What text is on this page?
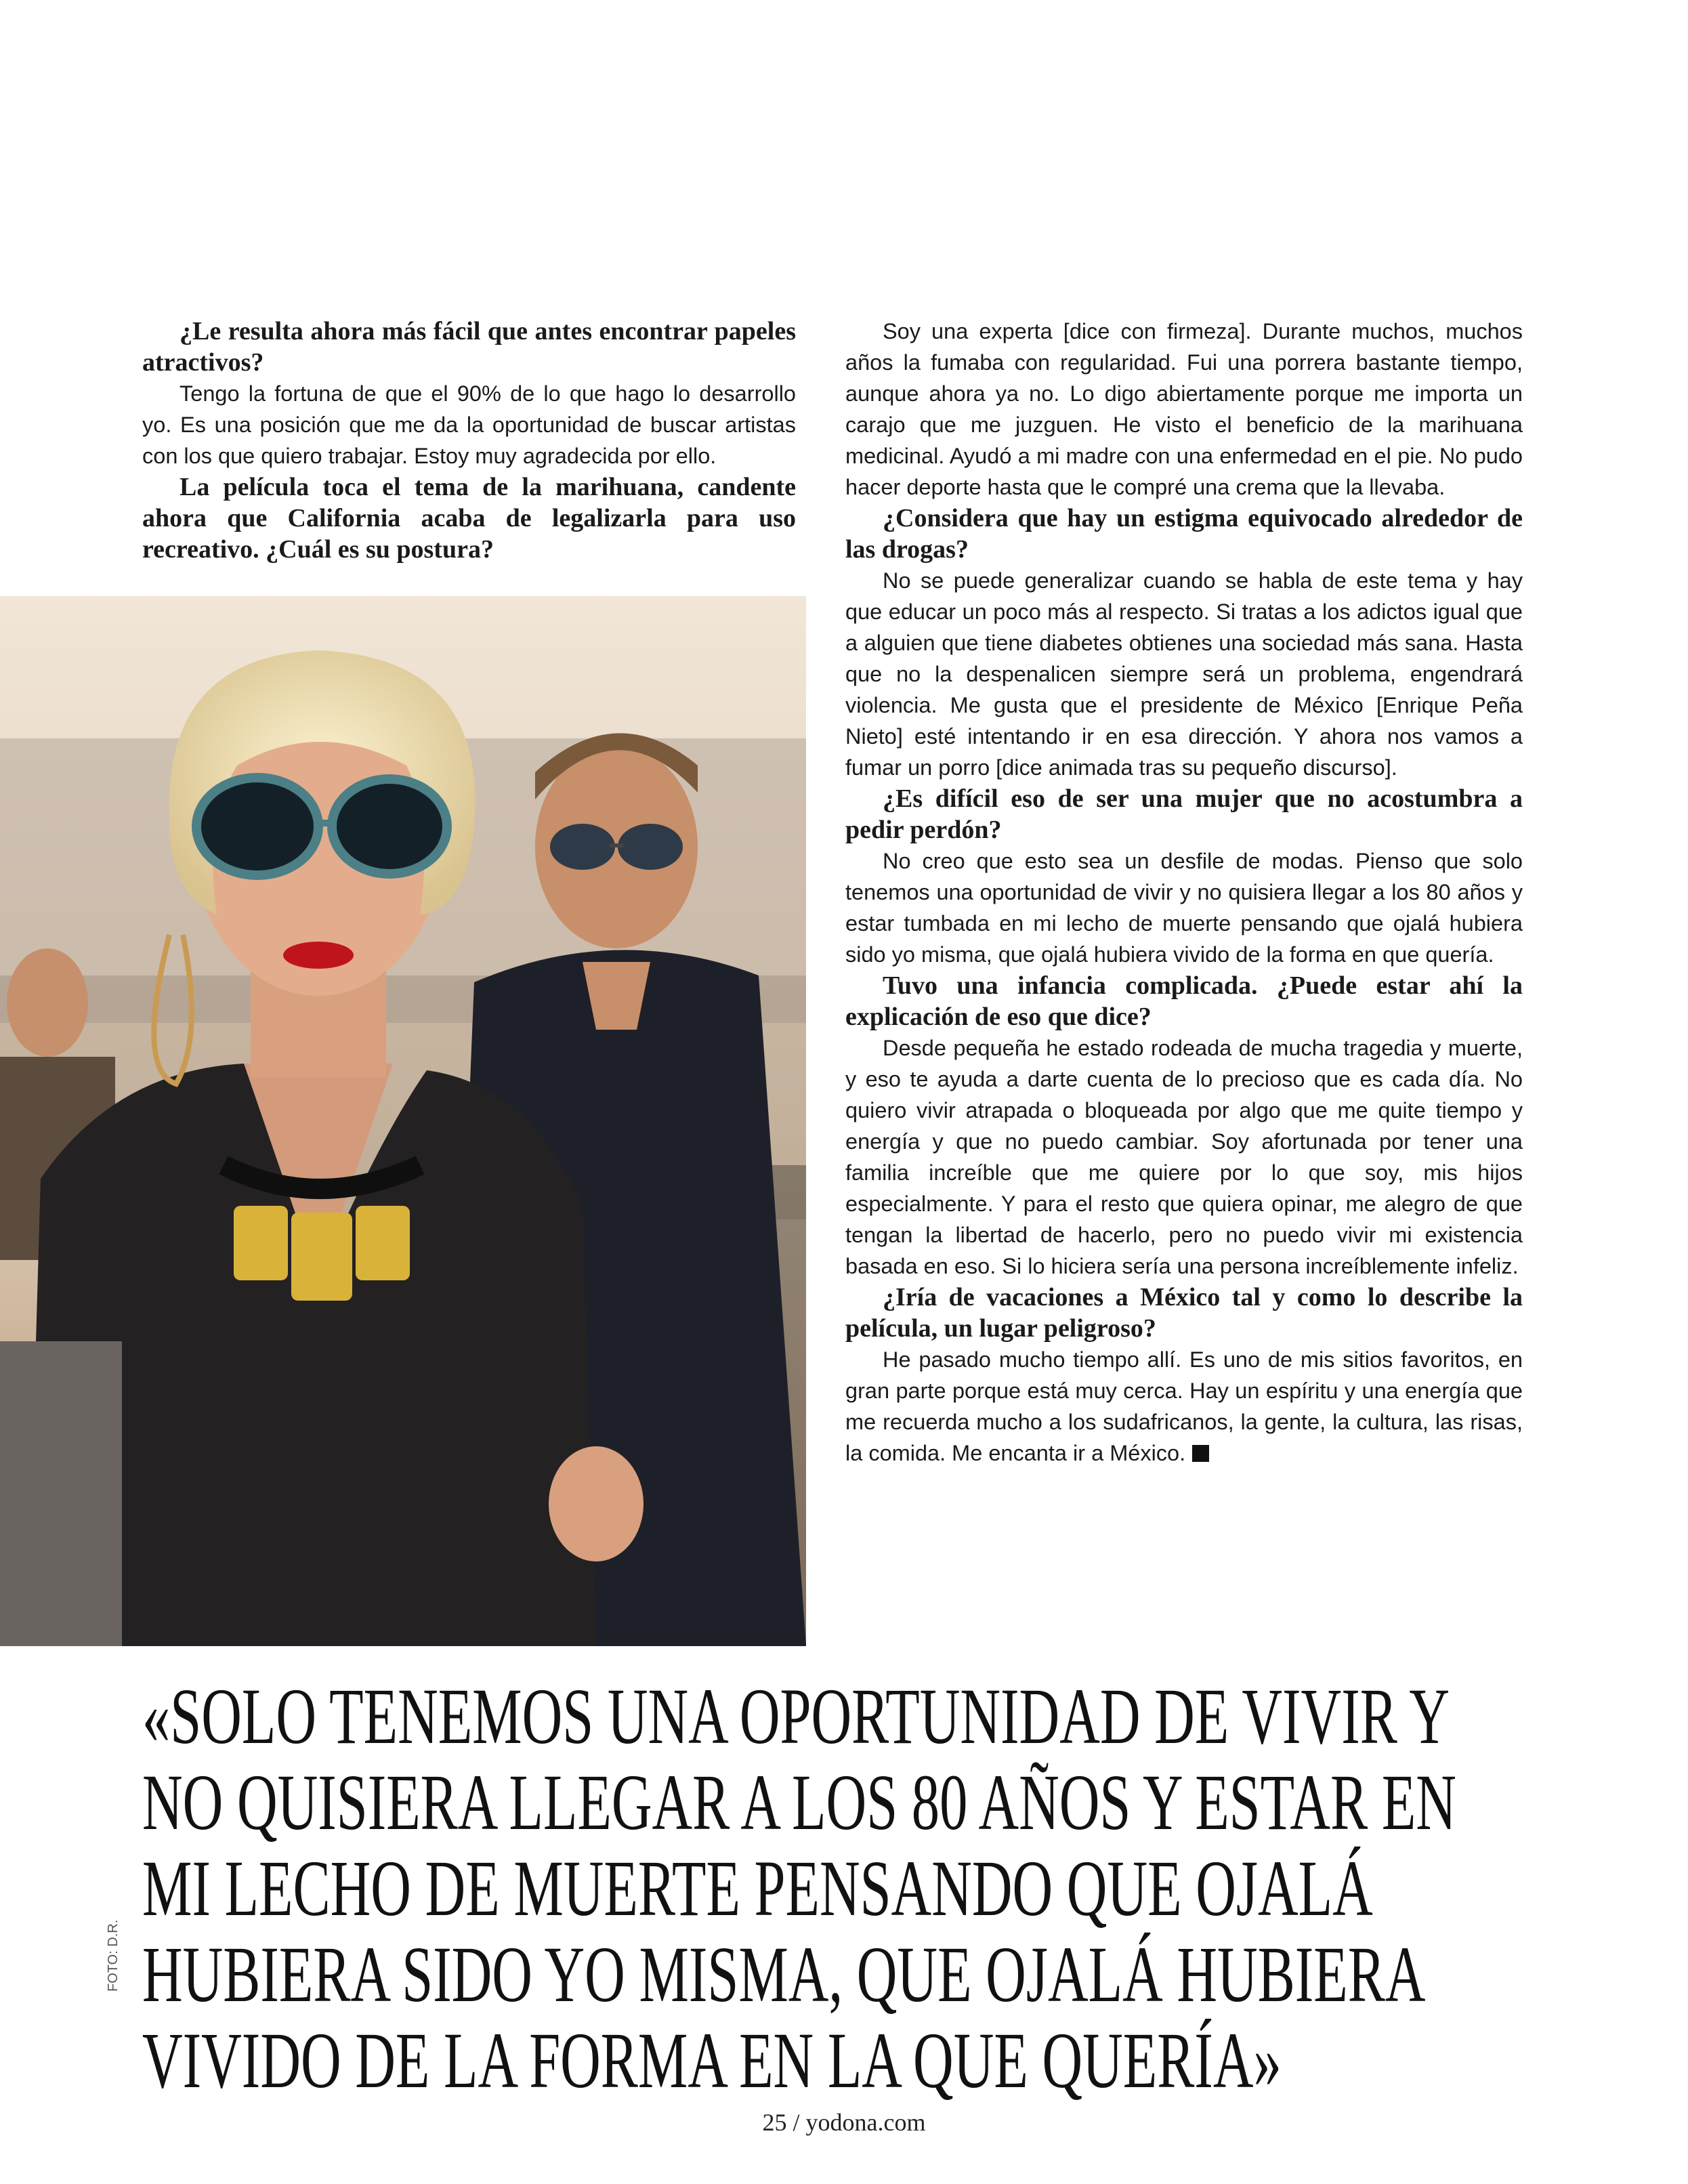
¿Le resulta ahora más fácil que antes encontrar papeles atractivos?

Tengo la fortuna de que el 90% de lo que hago lo desarrollo yo. Es una posición que me da la oportunidad de buscar artistas con los que quiero trabajar. Estoy muy agradecida por ello.

La película toca el tema de la marihuana, candente ahora que California acaba de legalizarla para uso recreativo. ¿Cuál es su postura?

Soy una experta [dice con firmeza]. Durante muchos, muchos años la fumaba con regularidad. Fui una porrera bastante tiempo, aunque ahora ya no. Lo digo abiertamente porque me importa un carajo que me juzguen. He visto el beneficio de la marihuana medicinal. Ayudó a mi madre con una enfermedad en el pie. No pudo hacer deporte hasta que le compré una crema que la llevaba.

¿Considera que hay un estigma equivocado alrededor de las drogas?

No se puede generalizar cuando se habla de este tema y hay que educar un poco más al respecto. Si tratas a los adictos igual que a alguien que tiene diabetes obtienes una sociedad más sana. Hasta que no la despenalicen siempre será un problema, engendrará violencia. Me gusta que el presidente de México [Enrique Peña Nieto] esté intentando ir en esa dirección. Y ahora nos vamos a fumar un porro [dice animada tras su pequeño discurso].

¿Es difícil eso de ser una mujer que no acostumbra a pedir perdón?

No creo que esto sea un desfile de modas. Pienso que solo tenemos una oportunidad de vivir y no quisiera llegar a los 80 años y estar tumbada en mi lecho de muerte pensando que ojalá hubiera sido yo misma, que ojalá hubiera vivido de la forma en que quería.

Tuvo una infancia complicada. ¿Puede estar ahí la explicación de eso que dice?

Desde pequeña he estado rodeada de mucha tragedia y muerte, y eso te ayuda a darte cuenta de lo precioso que es cada día. No quiero vivir atrapada o bloqueada por algo que me quite tiempo y energía y que no puedo cambiar. Soy afortunada por tener una familia increíble que me quiere por lo que soy, mis hijos especialmente. Y para el resto que quiera opinar, me alegro de que tengan la libertad de hacerlo, pero no puedo vivir mi existencia basada en eso. Si lo hiciera sería una persona increíblemente infeliz.

¿Iría de vacaciones a México tal y como lo describe la película, un lugar peligroso?

He pasado mucho tiempo allí. Es uno de mis sitios favoritos, en gran parte porque está muy cerca. Hay un espíritu y una energía que me recuerda mucho a los sudafricanos, la gente, la cultura, las risas, la comida. Me encanta ir a México.

«SOLO TENEMOS UNA OPORTUNIDAD DE VIVIR Y
NO QUISIERA LLEGAR A LOS 80 AÑOS Y ESTAR EN
MI LECHO DE MUERTE PENSANDO QUE OJALÁ
HUBIERA SIDO YO MISMA, QUE OJALÁ HUBIERA
VIVIDO DE LA FORMA EN LA QUE QUERÍA»
FOTO: D.R.
25 / yodona.com
